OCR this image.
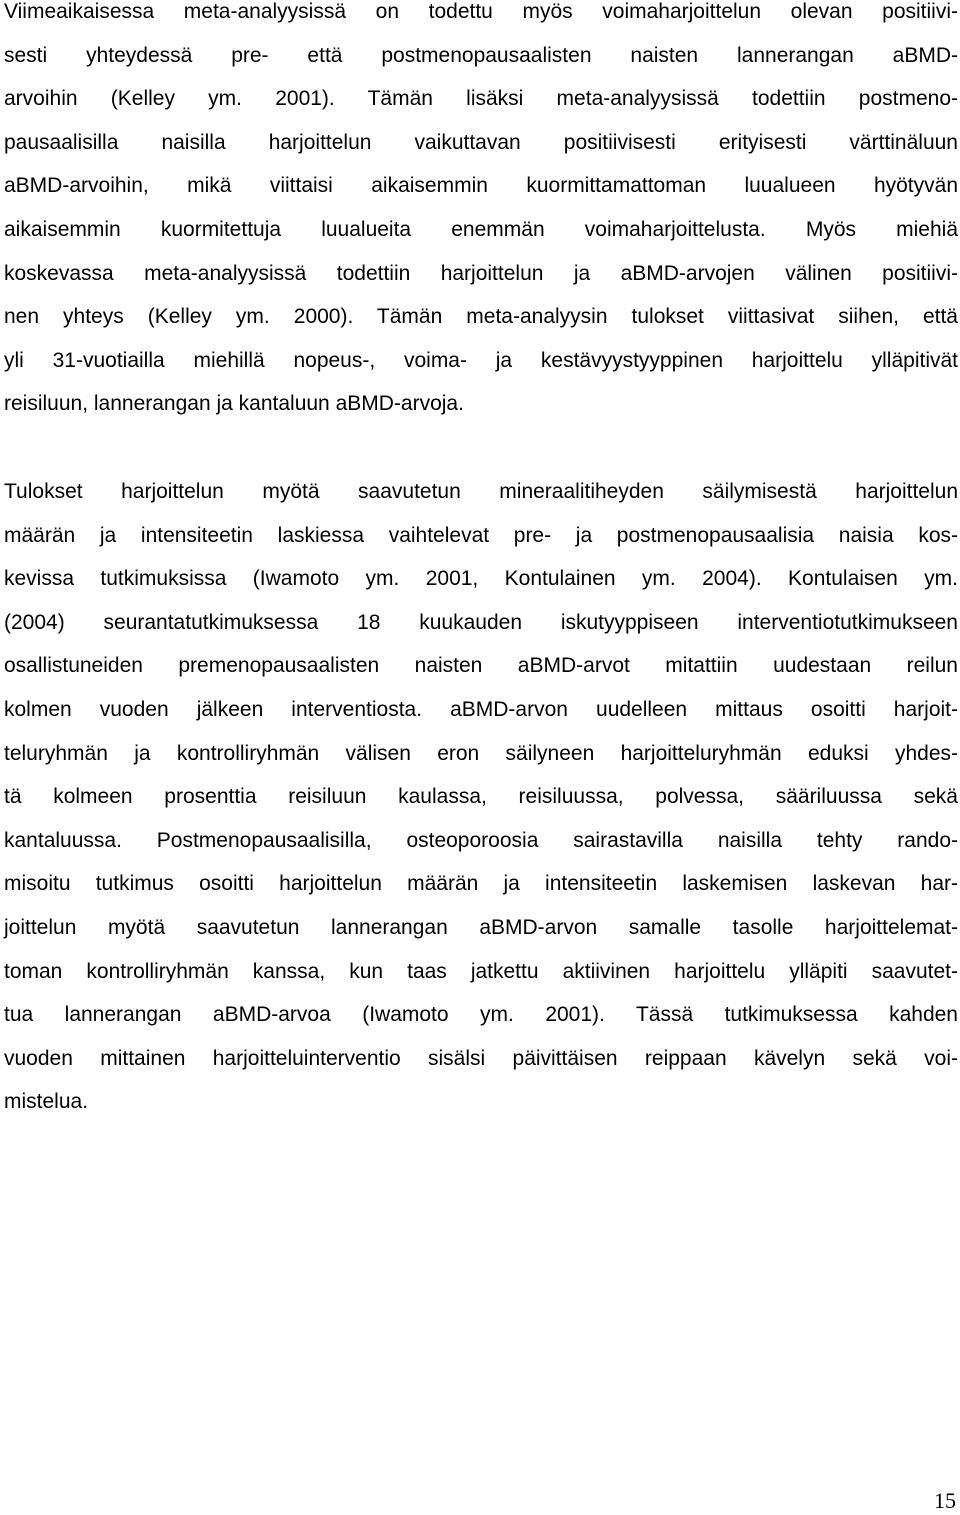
Viimeaikaisessa meta-analyysissä on todettu myös voimaharjoittelun olevan positiivi-
sesti yhteydessä pre- että postmenopausaalisten naisten lannerangan aBMD-
arvoihin (Kelley ym. 2001). Tämän lisäksi meta-analyysissä todettiin postmeno-
pausaalisilla naisilla harjoittelun vaikuttavan positiivisesti erityisesti värttinäluun
aBMD-arvoihin, mikä viittaisi aikaisemmin kuormittamattoman luualueen hyötyvän
aikaisemmin kuormitettuja luualueita enemmän voimaharjoittelusta. Myös miehiä
koskevassa meta-analyysissä todettiin harjoittelun ja aBMD-arvojen välinen positiivi-
nen yhteys (Kelley ym. 2000). Tämän meta-analyysin tulokset viittasivat siihen, että
yli 31-vuotiailla miehillä nopeus-, voima- ja kestävyystyyppinen harjoittelu ylläpitivät
reisiluun, lannerangan ja kantaluun aBMD-arvoja.
Tulokset harjoittelun myötä saavutetun mineraalitiheyden säilymisestä harjoittelun
määrän ja intensiteetin laskiessa vaihtelevat pre- ja postmenopausaalisia naisia kos-
kevissa tutkimuksissa (Iwamoto ym. 2001, Kontulainen ym. 2004). Kontulaisen ym.
(2004) seurantatutkimuksessa 18 kuukauden iskutyyppiseen interventiotutkimukseen
osallistuneiden premenopausaalisten naisten aBMD-arvot mitattiin uudestaan reilun
kolmen vuoden jälkeen interventiosta. aBMD-arvon uudelleen mittaus osoitti harjoit-
teluryhmän ja kontrolliryhmän välisen eron säilyneen harjoitteluryhmän eduksi yhdes-
tä kolmeen prosenttia reisiluun kaulassa, reisiluussa, polvessa, sääriluussa sekä
kantaluussa. Postmenopausaalisilla, osteoporoosia sairastavilla naisilla tehty rando-
misoitu tutkimus osoitti harjoittelun määrän ja intensiteetin laskemisen laskevan har-
joittelun myötä saavutetun lannerangan aBMD-arvon samalle tasolle harjoittelemat-
toman kontrolliryhmän kanssa, kun taas jatkettu aktiivinen harjoittelu ylläpiti saavutet-
tua lannerangan aBMD-arvoa (Iwamoto ym. 2001). Tässä tutkimuksessa kahden
vuoden mittainen harjoitteluinterventio sisälsi päivittäisen reippaan kävelyn sekä voi-
mistelua.
15
